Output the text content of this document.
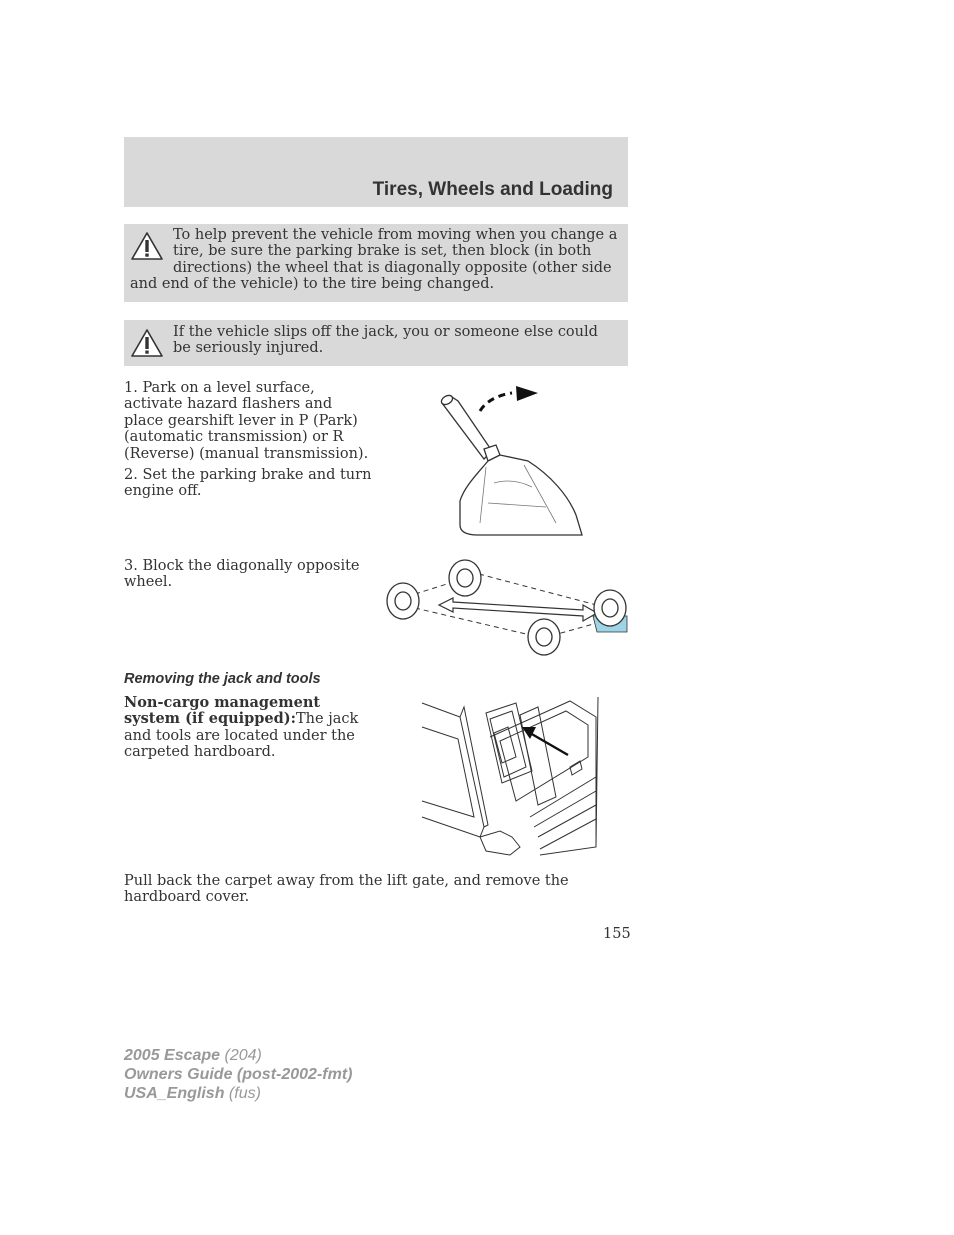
Tires, Wheels and Loading
To help prevent the vehicle from moving when you change a tire, be sure the parking brake is set, then block (in both directions) the wheel that is diagonally opposite (other side and end of the vehicle) to the tire being changed.
If the vehicle slips off the jack, you or someone else could be seriously injured.
1. Park on a level surface, activate hazard flashers and place gearshift lever in P (Park) (automatic transmission) or R (Reverse) (manual transmission).
2. Set the parking brake and turn engine off.
3. Block the diagonally opposite wheel.
Removing the jack and tools
Non-cargo management system (if equipped):The jack and tools are located under the carpeted hardboard.
Pull back the carpet away from the lift gate, and remove the hardboard cover.
155
2005 Escape (204)
Owners Guide (post-2002-fmt)
USA_English (fus)
